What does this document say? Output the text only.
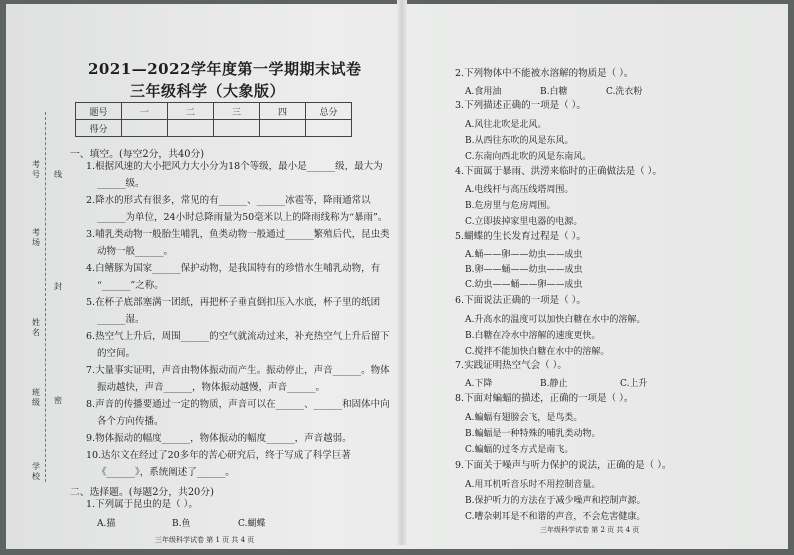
考号
考场
姓名
班级
学校
线
封
密
2021—2022学年度第一学期期末试卷
三年级科学（大象版）
题号	一	二	三	四	总分
得分					
一、填空。(每空2分，共40分)
1.根据风速的大小把风力大小分为18个等级，最小是______级，最大为
______级。
2.降水的形式有很多，常见的有______、______冰雹等，降雨通常以
______为单位，24小时总降雨量为50毫米以上的降雨线称为“暴雨”。
3.哺乳类动物一般胎生哺乳，鱼类动物一般通过______繁殖后代，昆虫类
动物一般______。
4.白鳍豚为国家______保护动物，是我国特有的珍惜水生哺乳动物，有
“______”之称。
5.在杯子底部塞满一团纸，再把杯子垂直倒扣压入水底，杯子里的纸团
______湿。
6.热空气上升后，周围______的空气就流动过来，补充热空气上升后留下
的空间。
7.大量事实证明，声音由物体振动而产生。振动停止，声音______。物体
振动越快，声音______，物体振动越慢，声音______。
8.声音的传播要通过一定的物质，声音可以在______、______和固体中向
各个方向传播。
9.物体振动的幅度______，物体振动的幅度______，声音越弱。
10.达尔文在经过了20多年的苦心研究后，终于写成了科学巨著
《______》，系统阐述了______。
二、选择题。(每题2分，共20分)
1.下列属于昆虫的是（ ）。
A.猫	B.鱼	C.蝴蝶
三年级科学试卷 第 1 页 共 4 页
2.下列物体中不能被水溶解的物质是（ ）。
A.食用油	B.白糖	C.洗衣粉
3.下列描述正确的一项是（ ）。
A.风往北吹是北风。
B.从西往东吹的风是东风。
C.东南向西北吹的风是东南风。
4.下面属于暴雨、洪涝来临时的正确做法是（ ）。
A.电线杆与高压线塔周围。
B.危房里与危房周围。
C.立即拔掉家里电器的电源。
5.蝴蝶的生长发育过程是（ ）。
A.蛹——卵——幼虫——成虫
B.卵——蛹——幼虫——成虫
C.幼虫——蛹——卵——成虫
6.下面说法正确的一项是（ ）。
A.升高水的温度可以加快白糖在水中的溶解。
B.白糖在冷水中溶解的速度更快。
C.搅拌不能加快白糖在水中的溶解。
7.实践证明热空气会（ ）。
A.下降	B.静止	C.上升
8.下面对蝙蝠的描述，正确的一项是（ ）。
A.蝙蝠有翅膀会飞，是鸟类。
B.蝙蝠是一种特殊的哺乳类动物。
C.蝙蝠的过冬方式是南飞。
9.下面关于噪声与听力保护的说法，正确的是（ ）。
A.用耳机听音乐时不用控制音量。
B.保护听力的方法在于减少噪声和控制声源。
C.嘈杂刺耳是不和谐的声音，不会危害健康。
三年级科学试卷 第 2 页 共 4 页
